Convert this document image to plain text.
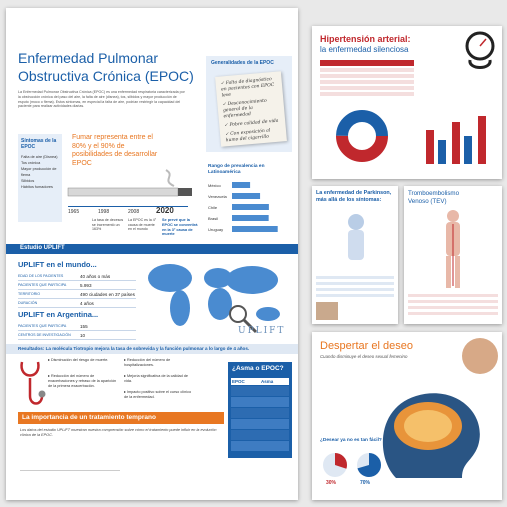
Enfermedad Pulmonar
Obstructiva Crónica (EPOC)
La Enfermedad Pulmonar Obstructiva Crónica (EPOC) es una enfermedad respiratoria caracterizada por la obstrucción crónica del paso del aire, la falta de aire (disnea), tos, silbidos y mayor producción de esputo (moco o flema). Estos síntomas, en especial la falta de aire, podrían restringir la capacidad del paciente para realizar actividades diarias.
Generalidades de la EPOC
✓ Falta de diagnóstico en pacientes con EPOC leve
✓ Desconocimiento general de la enfermedad
✓ Pobre calidad de vida
✓ Con exposición al humo del cigarrillo
Síntomas de la EPOC
Falta de aire (Disnea)
Tos crónica
Mayor producción de flema
Silbidos
Hábitos fumadores
Fumar representa entre el 80% y el 90% de posibilidades de desarrollar EPOC
1965	1998	2008 2020
La tasa de decesos se incrementó un 163%
La EPOC es la 4° causa de muerte en el mundo
Se prevé que la EPOC se convertirá en la 3° causa de muerte
Rango de prevalencia en Latinoamérica
México
Venezuela
Chile
Brasil
Uruguay
Estudio UPLIFT
UPLIFT en el mundo...
EDAD DE LOS PACIENTES	40 años o más
PACIENTES QUE PARTICIPA	5.993
TERRITORIO	490 ciudades en 37 países
DURACIÓN	4 años
UPLIFT en Argentina...
PACIENTES QUE PARTICIPA	155
CENTROS DE INVESTIGACIÓN	10	UPLIFT
Resultados: La molécula Tiotropio mejora la tasa de sobrevida y la función pulmonar a lo largo de 4 años.
▸ Disminución del riesgo de muerte.
▸ Reducción del número de exacerbaciones y retraso de la aparición de la primera exacerbación.
▸ Reducción del número de hospitalizaciones.
▸ Mejoría significativa de la calidad de vida.
▸ Impacto positivo sobre el curso clínico de la enfermedad.
¿Asma o EPOC?
EPOC	Asma
La importancia de un tratamiento temprano
Los datos del estudio UPLIFT muestran nuestra comprensión sobre cómo el tratamiento puede influir en la evolución clínica de la EPOC.
Hipertensión arterial:
la enfermedad silenciosa
La enfermedad de Parkinson,
más allá de los síntomas:
Tromboembolismo
Venoso (TEV)
Despertar el deseo
Cuando disminuye el deseo sexual femenino
¿Desear ya no es tan fácil?
30%	70%
